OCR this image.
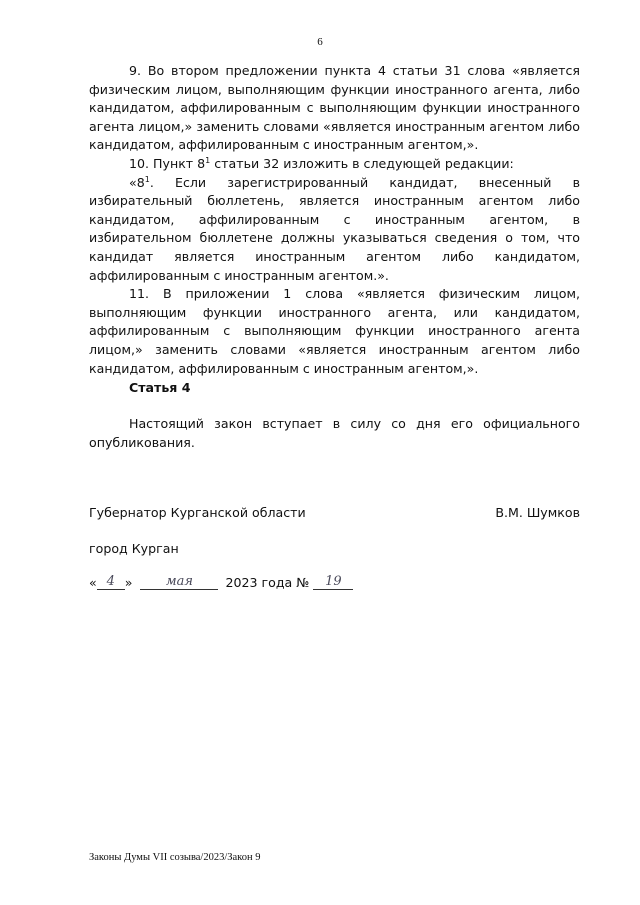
6

9. Во втором предложении пункта 4 статьи 31 слова «является физическим лицом, выполняющим функции иностранного агента, либо кандидатом, аффилированным с выполняющим функции иностранного агента лицом,» заменить словами «является иностранным агентом либо кандидатом, аффилированным с иностранным агентом,».

10. Пункт $8^1$ статьи 32 изложить в следующей редакции:

«$8^1$. Если зарегистрированный кандидат, внесенный в избирательный бюллетень, является иностранным агентом либо кандидатом, аффилированным с иностранным агентом, в избирательном бюллетене должны указываться сведения о том, что кандидат является иностранным агентом либо кандидатом, аффилированным с иностранным агентом.».

11. В приложении 1 слова «является физическим лицом, выполняющим функции иностранного агента, или кандидатом, аффилированным с выполняющим функции иностранного агента лицом,» заменить словами «является иностранным агентом либо кандидатом, аффилированным с иностранным агентом,».

Статья 4

Настоящий закон вступает в силу со дня его официального опубликования.

Губернатор Курганской области	В.М. Шумков
город Курган
« 4 »	мая	2023 года № 19
Законы Думы VII созыва/2023/Закон 9
